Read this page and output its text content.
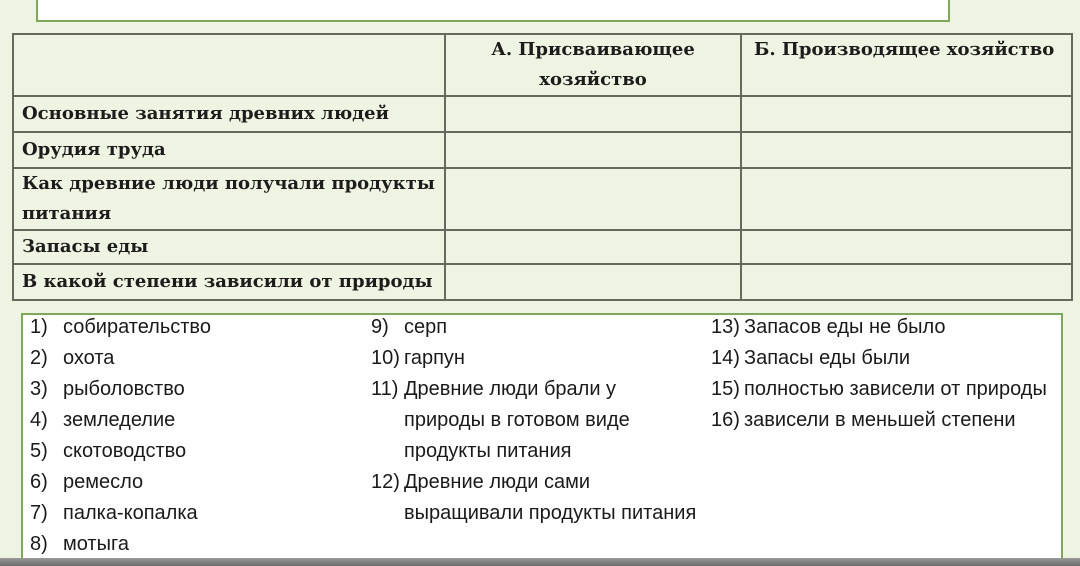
	А. Присваивающее хозяйство	Б. Производящее хозяйство
Основные занятия древних людей		
Орудия труда		
Как древние люди получали продукты питания		
Запасы еды		
В какой степени зависили от природы		
1) собирательство
2) охота
3) рыболовство
4) земледелие
5) скотоводство
6) ремесло
7) палка-копалка
8) мотыга
9) серп
10) гарпун
11) Древние люди брали у природы в готовом виде продукты питания
12) Древние люди сами выращивали продукты питания
13) Запасов еды не было
14) Запасы еды были
15) полностью зависели от природы
16) зависели в меньшей степени
